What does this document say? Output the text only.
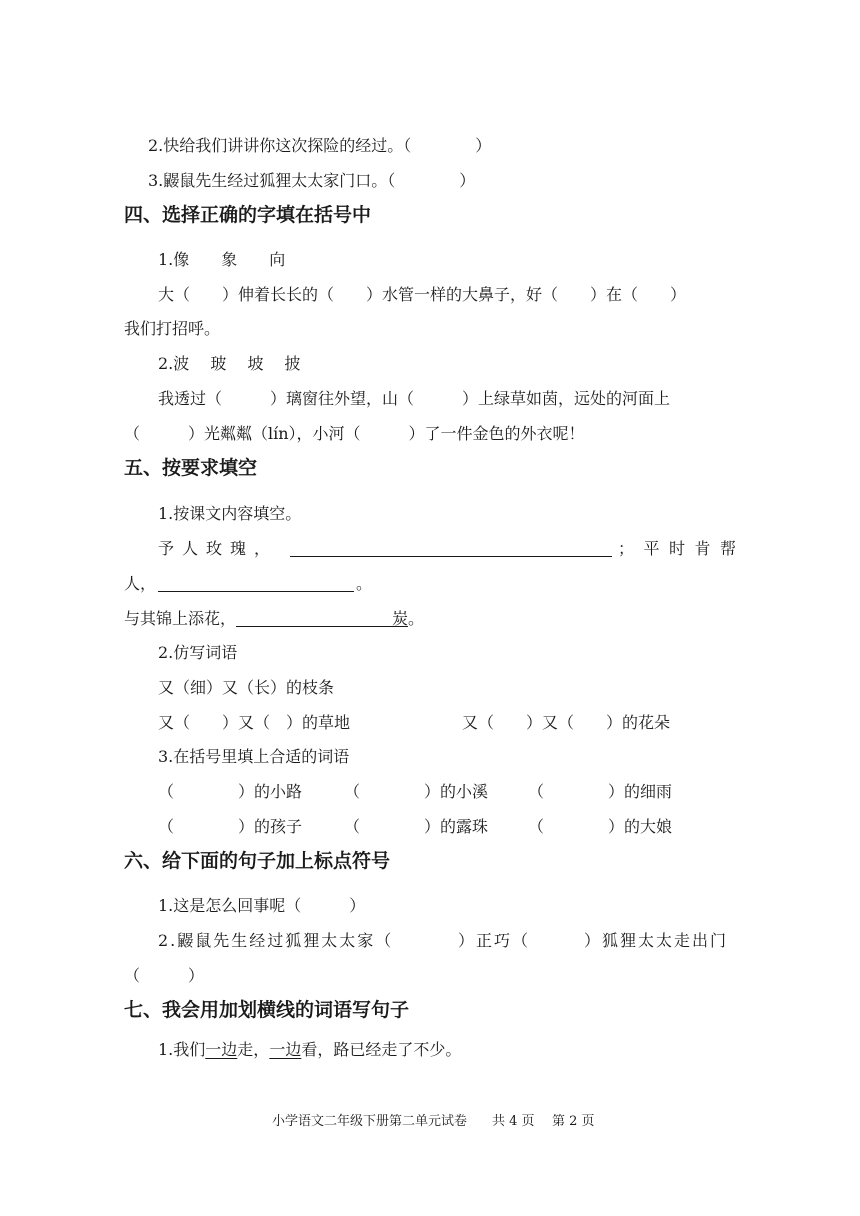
2.快给我们讲讲你这次探险的经过。（　　　　）
3.鼹鼠先生经过狐狸太太家门口。（　　　　）
四、选择正确的字填在括号中
1.像　　象　　向
大（　　）伸着长长的（　　）水管一样的大鼻子，好（　　）在（　　）
我们打招呼。
2.波　 玻　 坡　 披
我透过（　　　）璃窗往外望，山（　　　）上绿草如茵，远处的河面上
（　　　）光粼粼（lín），小河（　　　）了一件金色的外衣呢！
五、按要求填空
1.按课文内容填空。
予 人 玫 瑰 ，	； 平 时 肯 帮
人，	。
与其锦上添花，	炭 。
2.仿写词语
又（细）又（长）的枝条
又（　　）又（　）的草地	又（　　）又（　　）的花朵
3.在括号里填上合适的词语
（　　　　）的小路	（　　　　）的小溪 （　　　　）的细雨
（　　　　）的孩子	（　　　　）的露珠 （　　　　）的大娘
六、给下面的句子加上标点符号
1.这是怎么回事呢（　　　）
2.鼹鼠先生经过狐狸太太家（	）正巧（	）狐狸太太走出门
（　　　）
七、我会用加划横线的词语写句子
1.我们一边走，一边看，路已经走了不少。
小学语文二年级下册第二单元试卷 共 4 页 第 2 页
